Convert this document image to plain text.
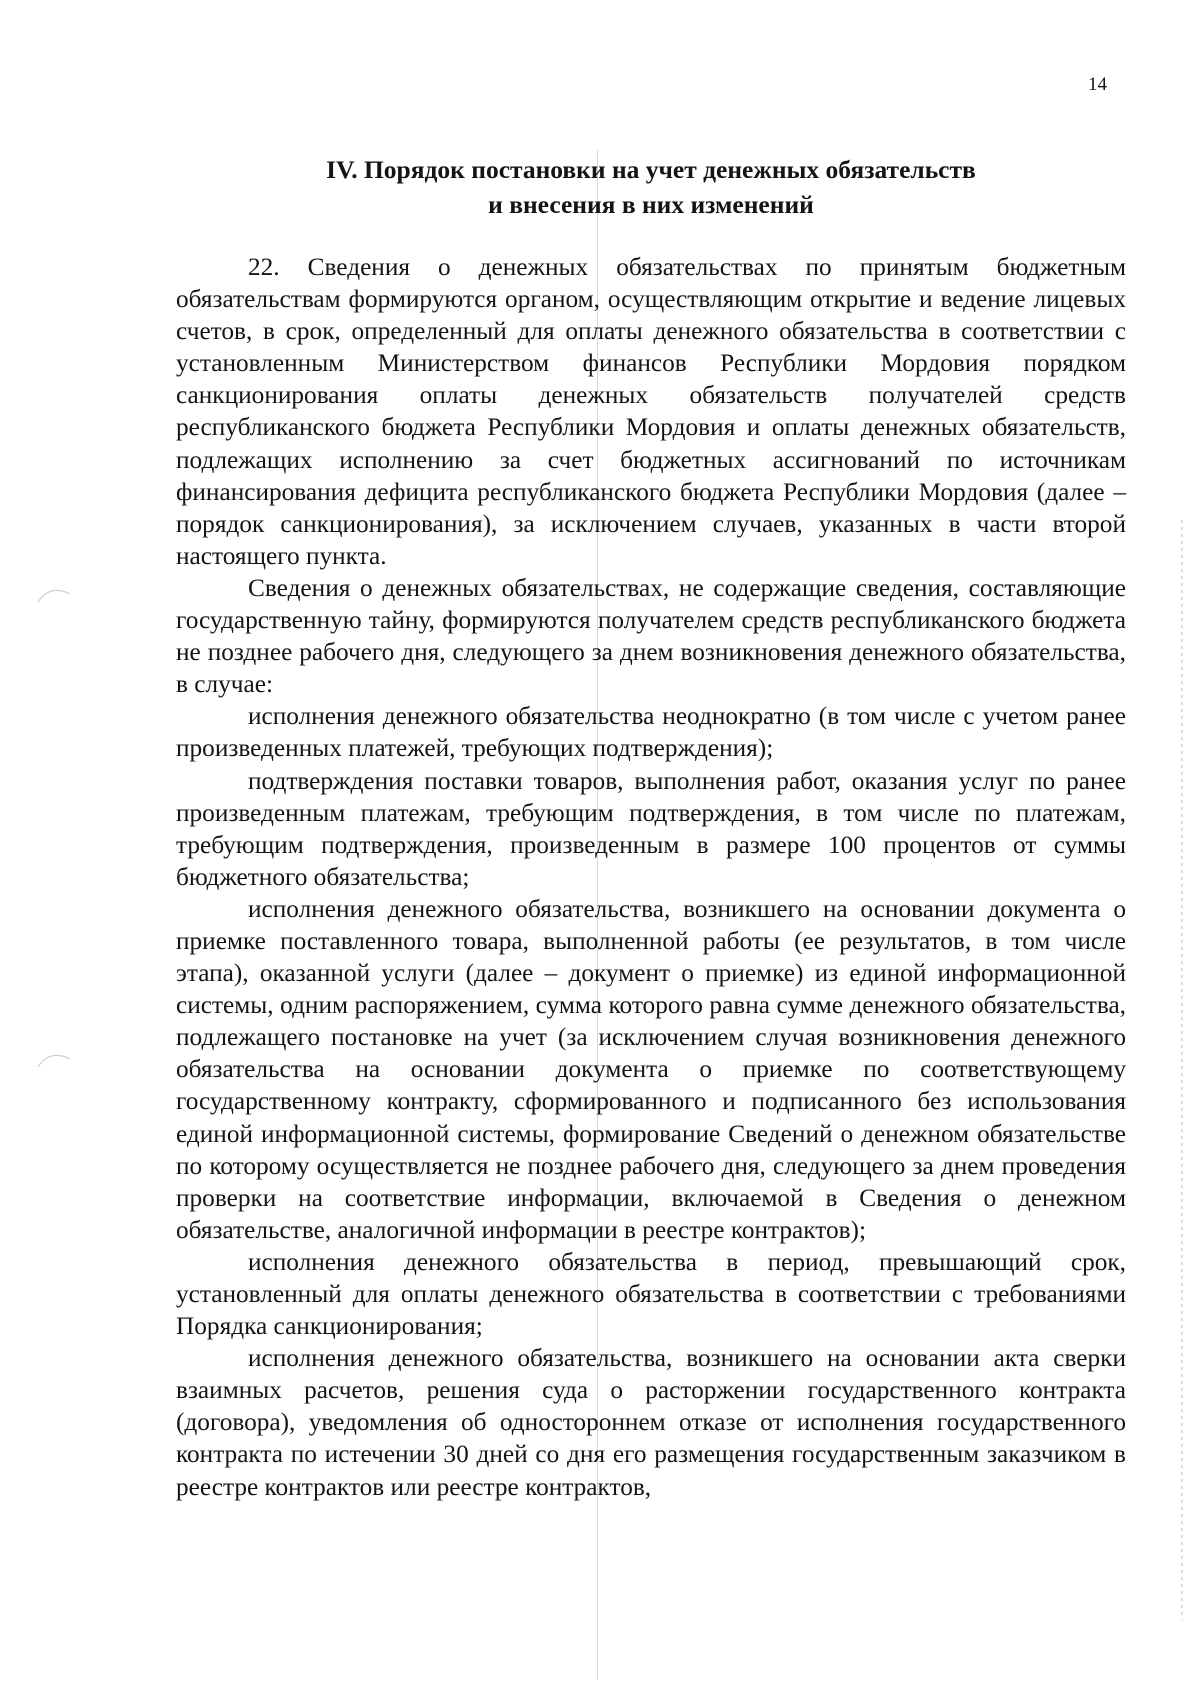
14
IV. Порядок постановки на учет денежных обязательств
и внесения в них изменений

22. Сведения о денежных обязательствах по принятым бюджетным обязательствам формируются органом, осуществляющим открытие и ведение лицевых счетов, в срок, определенный для оплаты денежного обязательства в соответствии с установленным Министерством финансов Республики Мордовия порядком санкционирования оплаты денежных обязательств получателей средств республиканского бюджета Республики Мордовия и оплаты денежных обязательств, подлежащих исполнению за счет бюджетных ассигнований по источникам финансирования дефицита республиканского бюджета Республики Мордовия (далее – порядок санкционирования), за исключением случаев, указанных в части второй настоящего пункта.

Сведения о денежных обязательствах, не содержащие сведения, составляющие государственную тайну, формируются получателем средств республиканского бюджета не позднее рабочего дня, следующего за днем возникновения денежного обязательства, в случае:

исполнения денежного обязательства неоднократно (в том числе с учетом ранее произведенных платежей, требующих подтверждения);

подтверждения поставки товаров, выполнения работ, оказания услуг по ранее произведенным платежам, требующим подтверждения, в том числе по платежам, требующим подтверждения, произведенным в размере 100 процентов от суммы бюджетного обязательства;

исполнения денежного обязательства, возникшего на основании документа о приемке поставленного товара, выполненной работы (ее результатов, в том числе этапа), оказанной услуги (далее – документ о приемке) из единой информационной системы, одним распоряжением, сумма которого равна сумме денежного обязательства, подлежащего постановке на учет (за исключением случая возникновения денежного обязательства на основании документа о приемке по соответствующему государственному контракту, сформированного и подписанного без использования единой информационной системы, формирование Сведений о денежном обязательстве по которому осуществляется не позднее рабочего дня, следующего за днем проведения проверки на соответствие информации, включаемой в Сведения о денежном обязательстве, аналогичной информации в реестре контрактов);

исполнения денежного обязательства в период, превышающий срок, установленный для оплаты денежного обязательства в соответствии с требованиями Порядка санкционирования;

исполнения денежного обязательства, возникшего на основании акта сверки взаимных расчетов, решения суда о расторжении государственного контракта (договора), уведомления об одностороннем отказе от исполнения государственного контракта по истечении 30 дней со дня его размещения государственным заказчиком в реестре контрактов или реестре контрактов,
